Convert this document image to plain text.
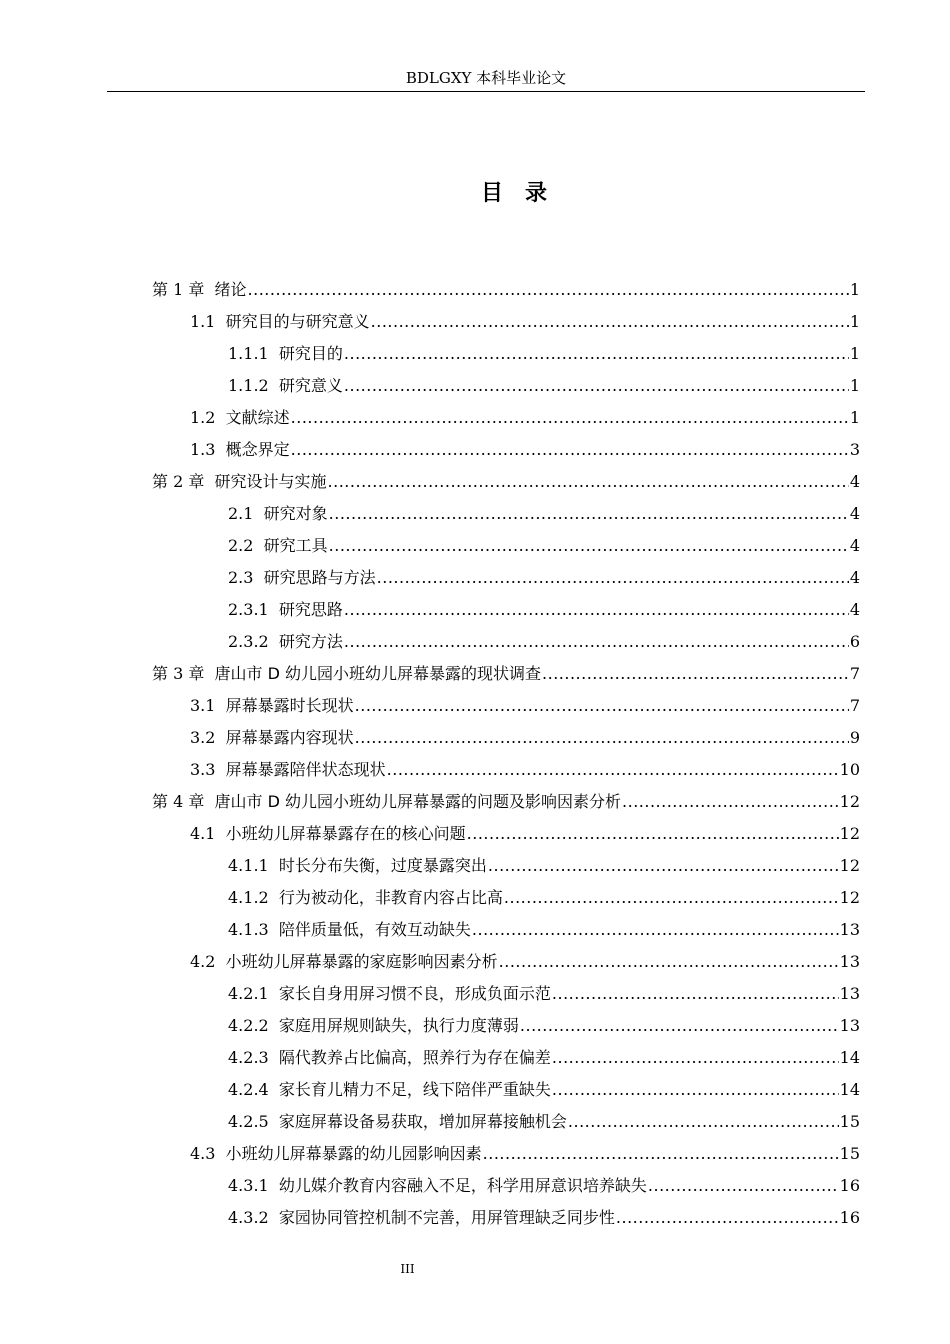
BDLGXY 本科毕业论文
目录
第 1 章 绪论 .....	1
1.1 研究目的与研究意义 .....	1
1.1.1 研究目的 .....	1
1.1.2 研究意义 .....	1
1.2 文献综述 .....	1
1.3 概念界定 .....	3
第 2 章 研究设计与实施 .....	4
2.1 研究对象 .....	4
2.2 研究工具 .....	4
2.3 研究思路与方法 .....	4
2.3.1 研究思路 .....	4
2.3.2 研究方法 .....	6
第 3 章 唐山市 D 幼儿园小班幼儿屏幕暴露的现状调查 .....	7
3.1 屏幕暴露时长现状 .....	7
3.2 屏幕暴露内容现状 .....	9
3.3 屏幕暴露陪伴状态现状 .....	10
第 4 章 唐山市 D 幼儿园小班幼儿屏幕暴露的问题及影响因素分析 .....	12
4.1 小班幼儿屏幕暴露存在的核心问题 .....	12
4.1.1 时长分布失衡，过度暴露突出 .....	12
4.1.2 行为被动化，非教育内容占比高 .....	12
4.1.3 陪伴质量低，有效互动缺失 .....	13
4.2 小班幼儿屏幕暴露的家庭影响因素分析 .....	13
4.2.1 家长自身用屏习惯不良，形成负面示范 .....	13
4.2.2 家庭用屏规则缺失，执行力度薄弱 .....	13
4.2.3 隔代教养占比偏高，照养行为存在偏差 .....	14
4.2.4 家长育儿精力不足，线下陪伴严重缺失 .....	14
4.2.5 家庭屏幕设备易获取，增加屏幕接触机会 .....	15
4.3 小班幼儿屏幕暴露的幼儿园影响因素 .....	15
4.3.1 幼儿媒介教育内容融入不足，科学用屏意识培养缺失 .....	16
4.3.2 家园协同管控机制不完善，用屏管理缺乏同步性 .....	16
III
